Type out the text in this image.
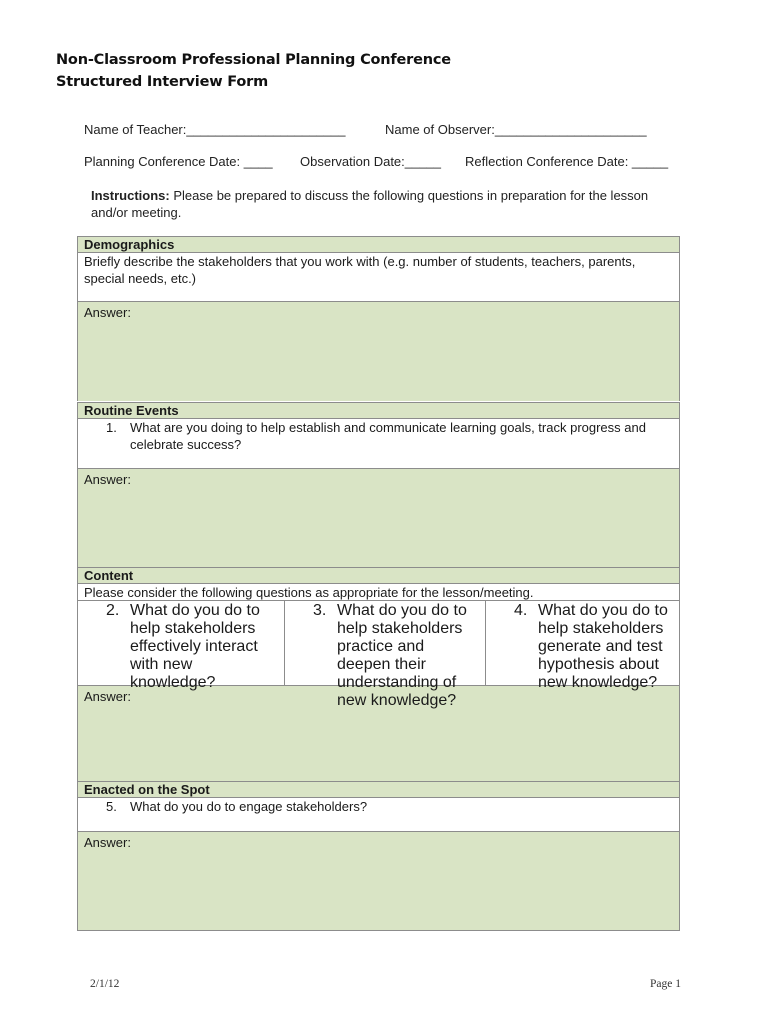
Non-Classroom Professional Planning Conference
Structured Interview Form
Name of Teacher:______________________	Name of Observer:_____________________
Planning Conference Date: ____ Observation Date:_____ Reflection Conference Date: _____
Instructions: Please be prepared to discuss the following questions in preparation for the lesson and/or meeting.
Demographics
Briefly describe the stakeholders that you work with (e.g. number of students, teachers, parents, special needs, etc.)
Answer:
Routine Events
1.	What are you doing to help establish and communicate learning goals, track progress and celebrate success?
Answer:
Content
Please consider the following questions as appropriate for the lesson/meeting.
2. What do you do to help stakeholders effectively interact with new knowledge?
3. What do you do to help stakeholders practice and deepen their understanding of new knowledge?
4. What do you do to help stakeholders generate and test hypothesis about new knowledge?
Answer:
Enacted on the Spot
5.	What do you do to engage stakeholders?
Answer:
2/1/12	Page 1
